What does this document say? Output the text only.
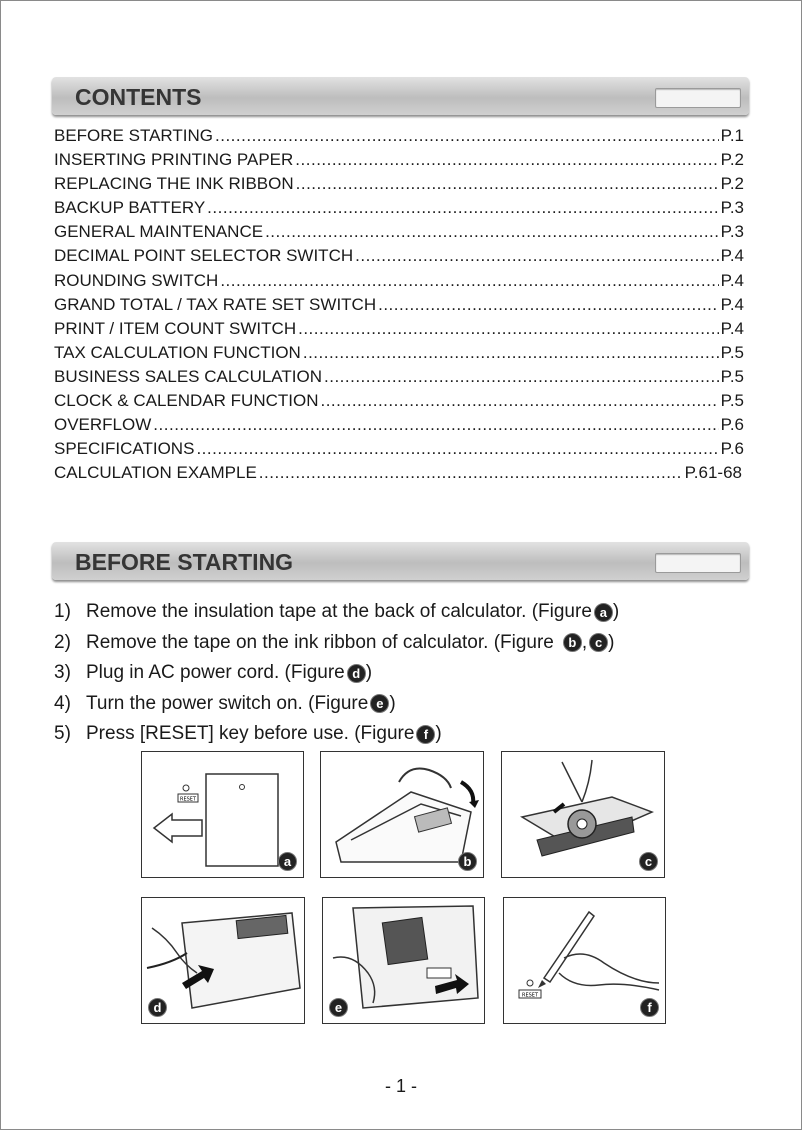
CONTENTS
BEFORE STARTING .....	P.1
INSERTING PRINTING PAPER .....	P.2
REPLACING THE INK RIBBON .....	P.2
BACKUP BATTERY .....	P.3
GENERAL MAINTENANCE .....	P.3
DECIMAL POINT SELECTOR SWITCH .....	P.4
ROUNDING SWITCH .....	P.4
GRAND TOTAL / TAX RATE SET SWITCH .....	P.4
PRINT / ITEM COUNT SWITCH .....	P.4
TAX CALCULATION FUNCTION .....	P.5
BUSINESS SALES CALCULATION .....	P.5
CLOCK & CALENDAR FUNCTION .....	P.5
OVERFLOW .....	P.6
SPECIFICATIONS .....	P.6
CALCULATION EXAMPLE .....	P.61-68
BEFORE STARTING
1) Remove the insulation tape at the back of calculator. (Figure a )
2) Remove the tape on the ink ribbon of calculator. (Figure	b , c )
3) Plug in AC power cord. (Figure d )
4) Turn the power switch on. (Figure e )
5) Press [RESET] key before use. (Figure f )
RESET
a	b	c
d	e
RESET
f
- 1 -
